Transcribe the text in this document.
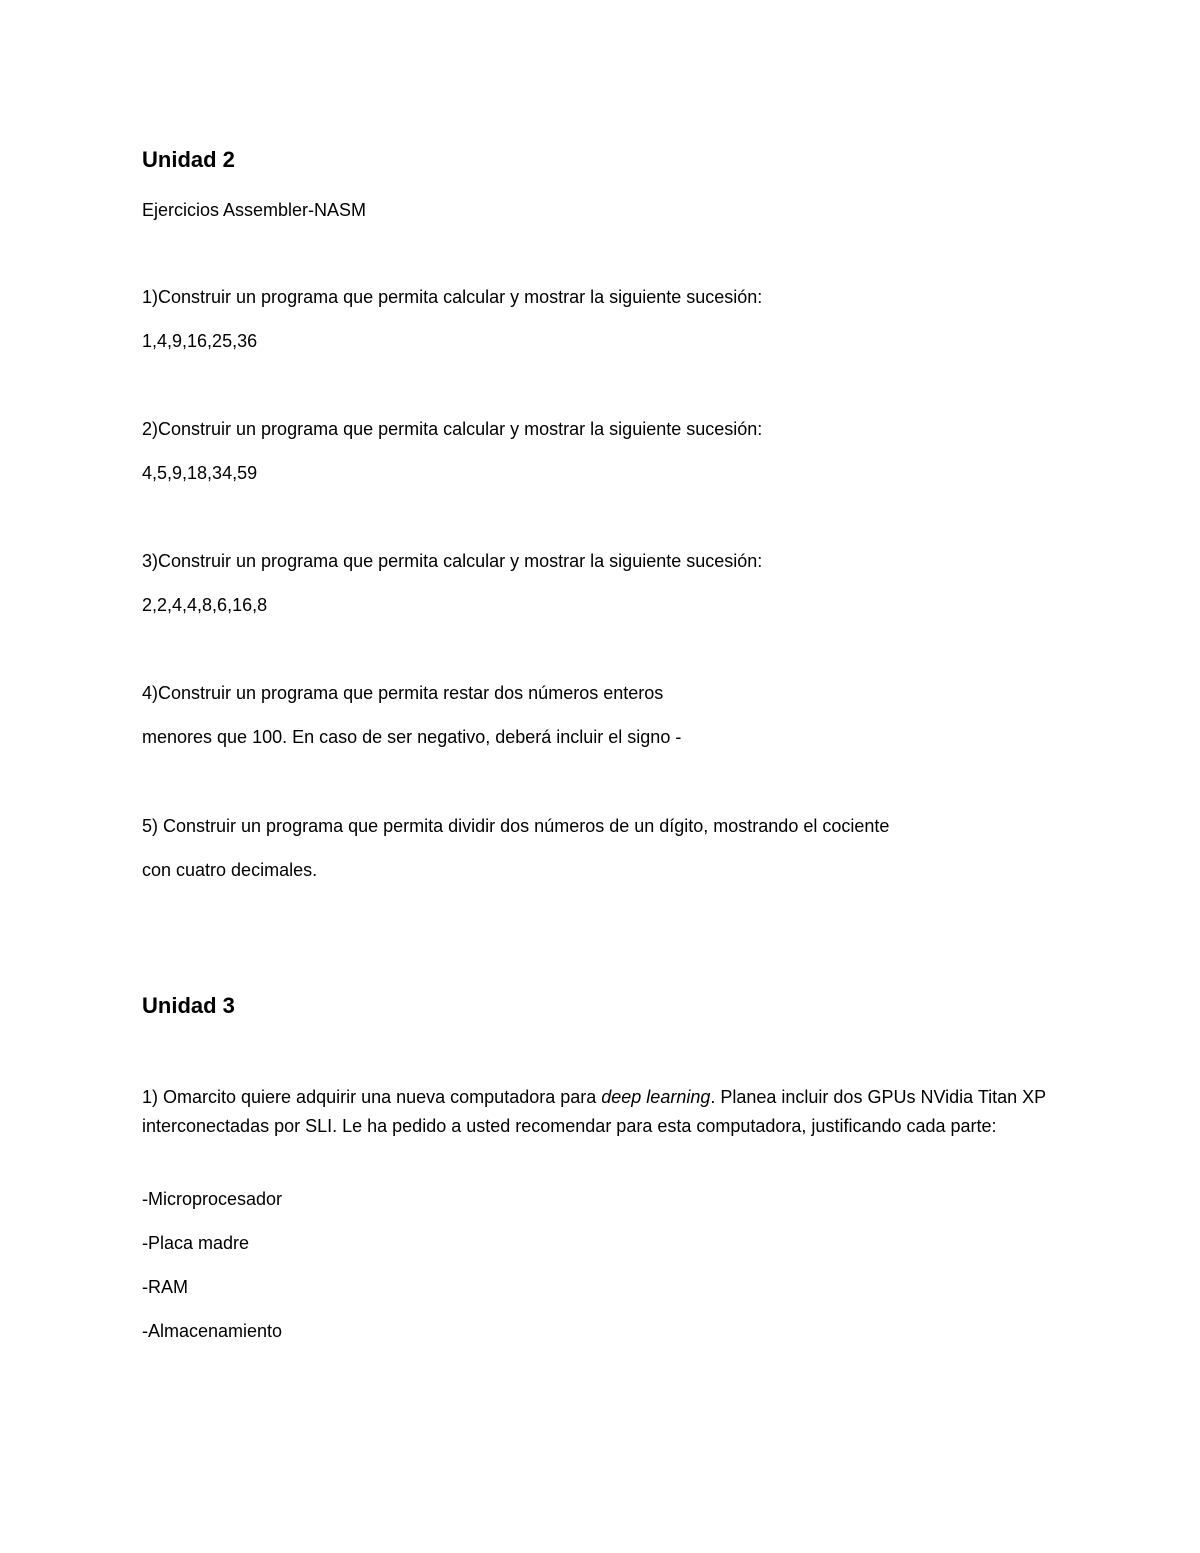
Unidad 2

Ejercicios Assembler-NASM

1)Construir un programa que permita calcular y mostrar la siguiente sucesión:

1,4,9,16,25,36

2)Construir un programa que permita calcular y mostrar la siguiente sucesión:

4,5,9,18,34,59

3)Construir un programa que permita calcular y mostrar la siguiente sucesión:

2,2,4,4,8,6,16,8

4)Construir un programa que permita restar dos números enteros

menores que 100. En caso de ser negativo, deberá incluir el signo -

5) Construir un programa que permita dividir dos números de un dígito, mostrando el cociente

con cuatro decimales.

Unidad 3

1) Omarcito quiere adquirir una nueva computadora para deep learning. Planea incluir dos GPUs NVidia Titan XP interconectadas por SLI. Le ha pedido a usted recomendar para esta computadora, justificando cada parte:

-Microprocesador

-Placa madre

-RAM

-Almacenamiento
